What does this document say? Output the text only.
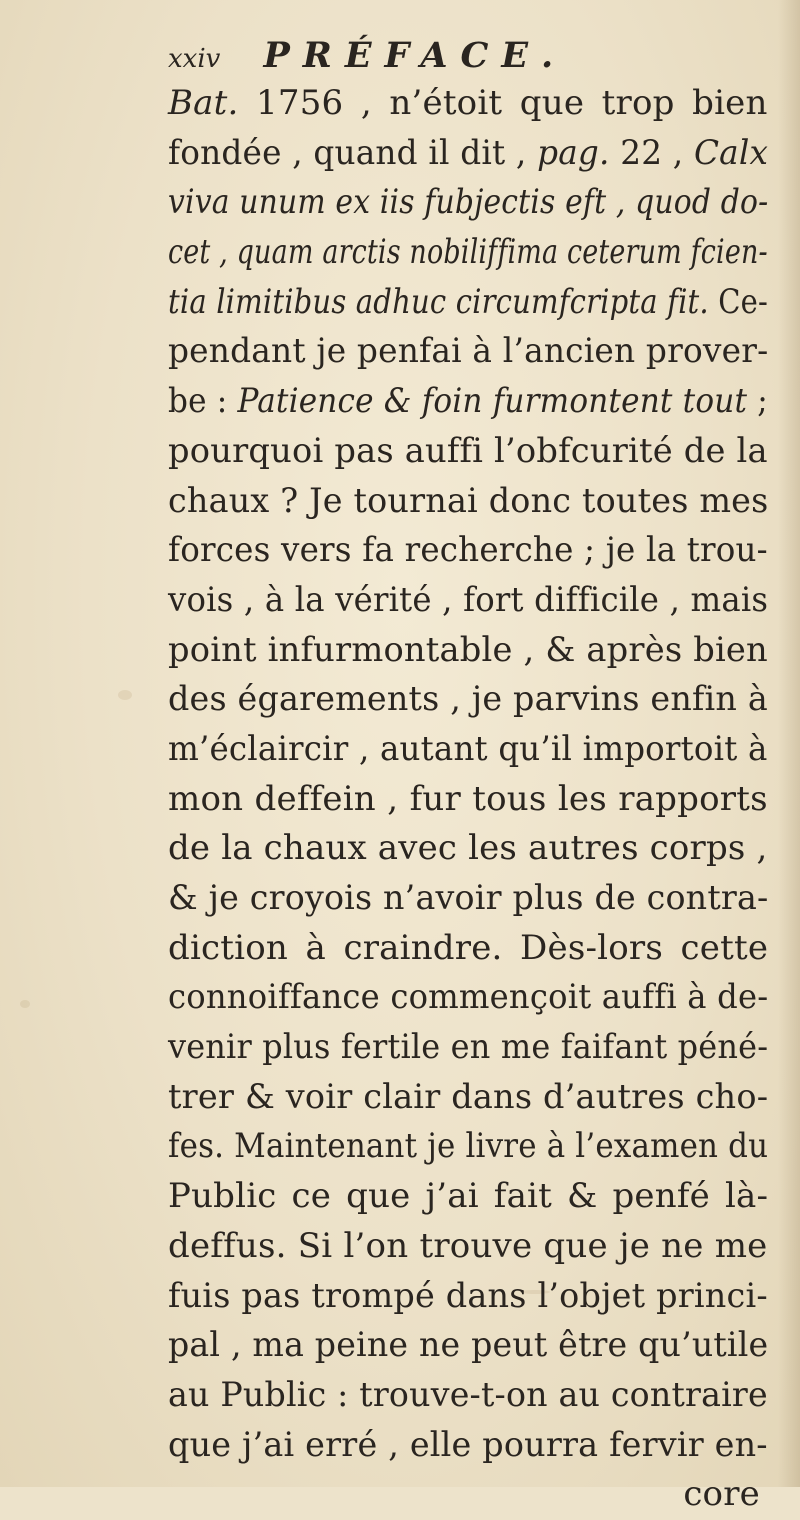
xxiv PRÉFACE.
Bat. 1756 , n’étoit que trop bien
fondée , quand il dit , pag. 22 , Calx
viva unum ex iis fubjectis eft , quod do-
cet , quam arctis nobiliffima ceterum fcien-
tia limitibus adhuc circumfcripta fit. Ce-
pendant je penfai à l’ancien prover-
be : Patience & foin furmontent tout ;
pourquoi pas auffi l’obfcurité de la
chaux ? Je tournai donc toutes mes
forces vers fa recherche ; je la trou-
vois , à la vérité , fort difficile , mais
point infurmontable , & après bien
des égarements , je parvins enfin à
m’éclaircir , autant qu’il importoit à
mon deffein , fur tous les rapports
de la chaux avec les autres corps ,
& je croyois n’avoir plus de contra-
diction à craindre. Dès-lors cette
connoiffance commençoit auffi à de-
venir plus fertile en me faifant péné-
trer & voir clair dans d’autres cho-
fes. Maintenant je livre à l’examen du
Public ce que j’ai fait & penfé là-
deffus. Si l’on trouve que je ne me
fuis pas trompé dans l’objet princi-
pal , ma peine ne peut être qu’utile
au Public : trouve-t-on au contraire
que j’ai erré , elle pourra fervir en-
core
